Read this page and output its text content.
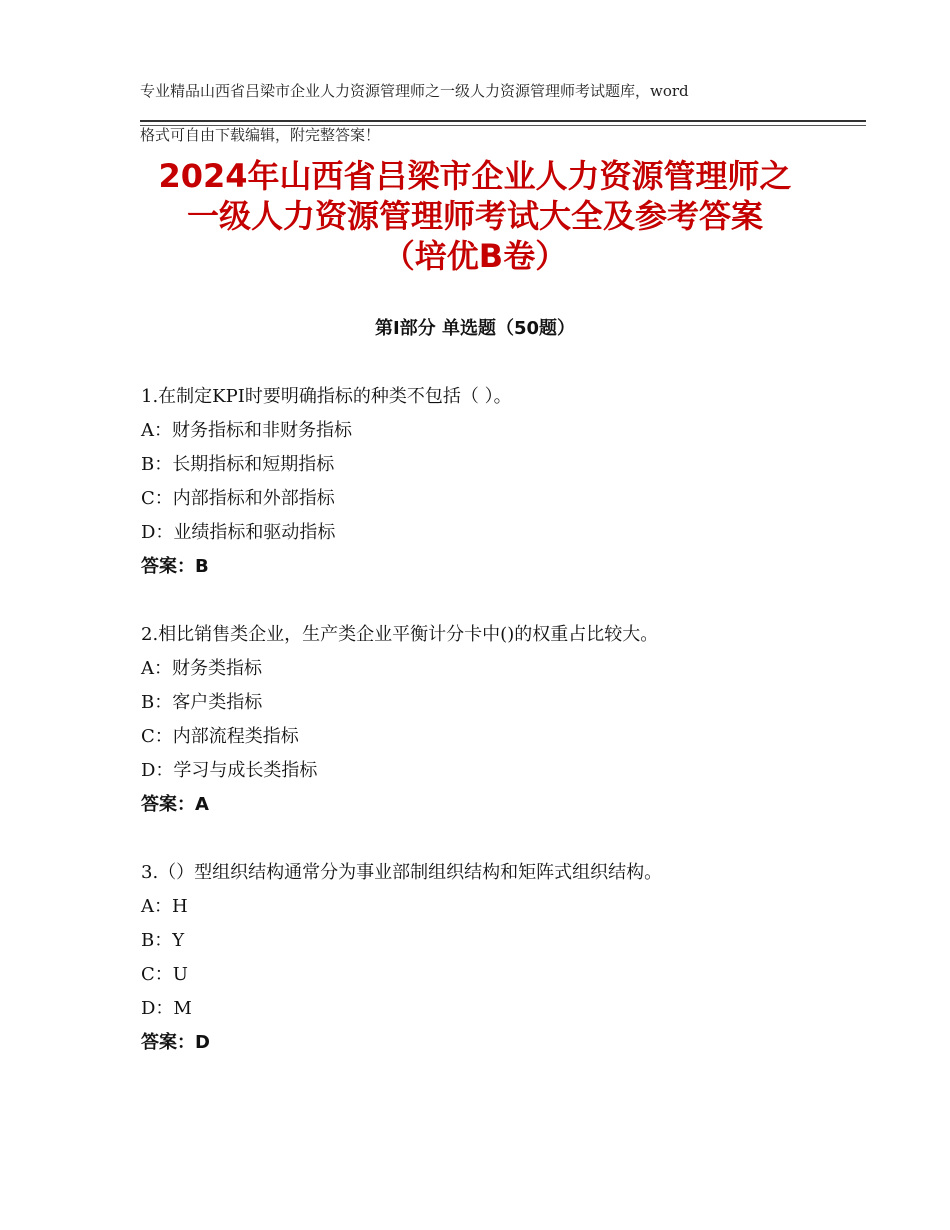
专业精品山西省吕梁市企业人力资源管理师之一级人力资源管理师考试题库，word

格式可自由下载编辑，附完整答案！

2024年山西省吕梁市企业人力资源管理师之
一级人力资源管理师考试大全及参考答案
（培优B卷）
第Ⅰ部分 单选题（50题）
1.在制定KPI时要明确指标的种类不包括（ ）。
A：财务指标和非财务指标
B：长期指标和短期指标
C：内部指标和外部指标
D：业绩指标和驱动指标
答案：B
2.相比销售类企业，生产类企业平衡计分卡中()的权重占比较大。
A：财务类指标
B：客户类指标
C：内部流程类指标
D：学习与成长类指标
答案：A
3.（）型组织结构通常分为事业部制组织结构和矩阵式组织结构。
A：H
B：Y
C：U
D：M
答案：D
